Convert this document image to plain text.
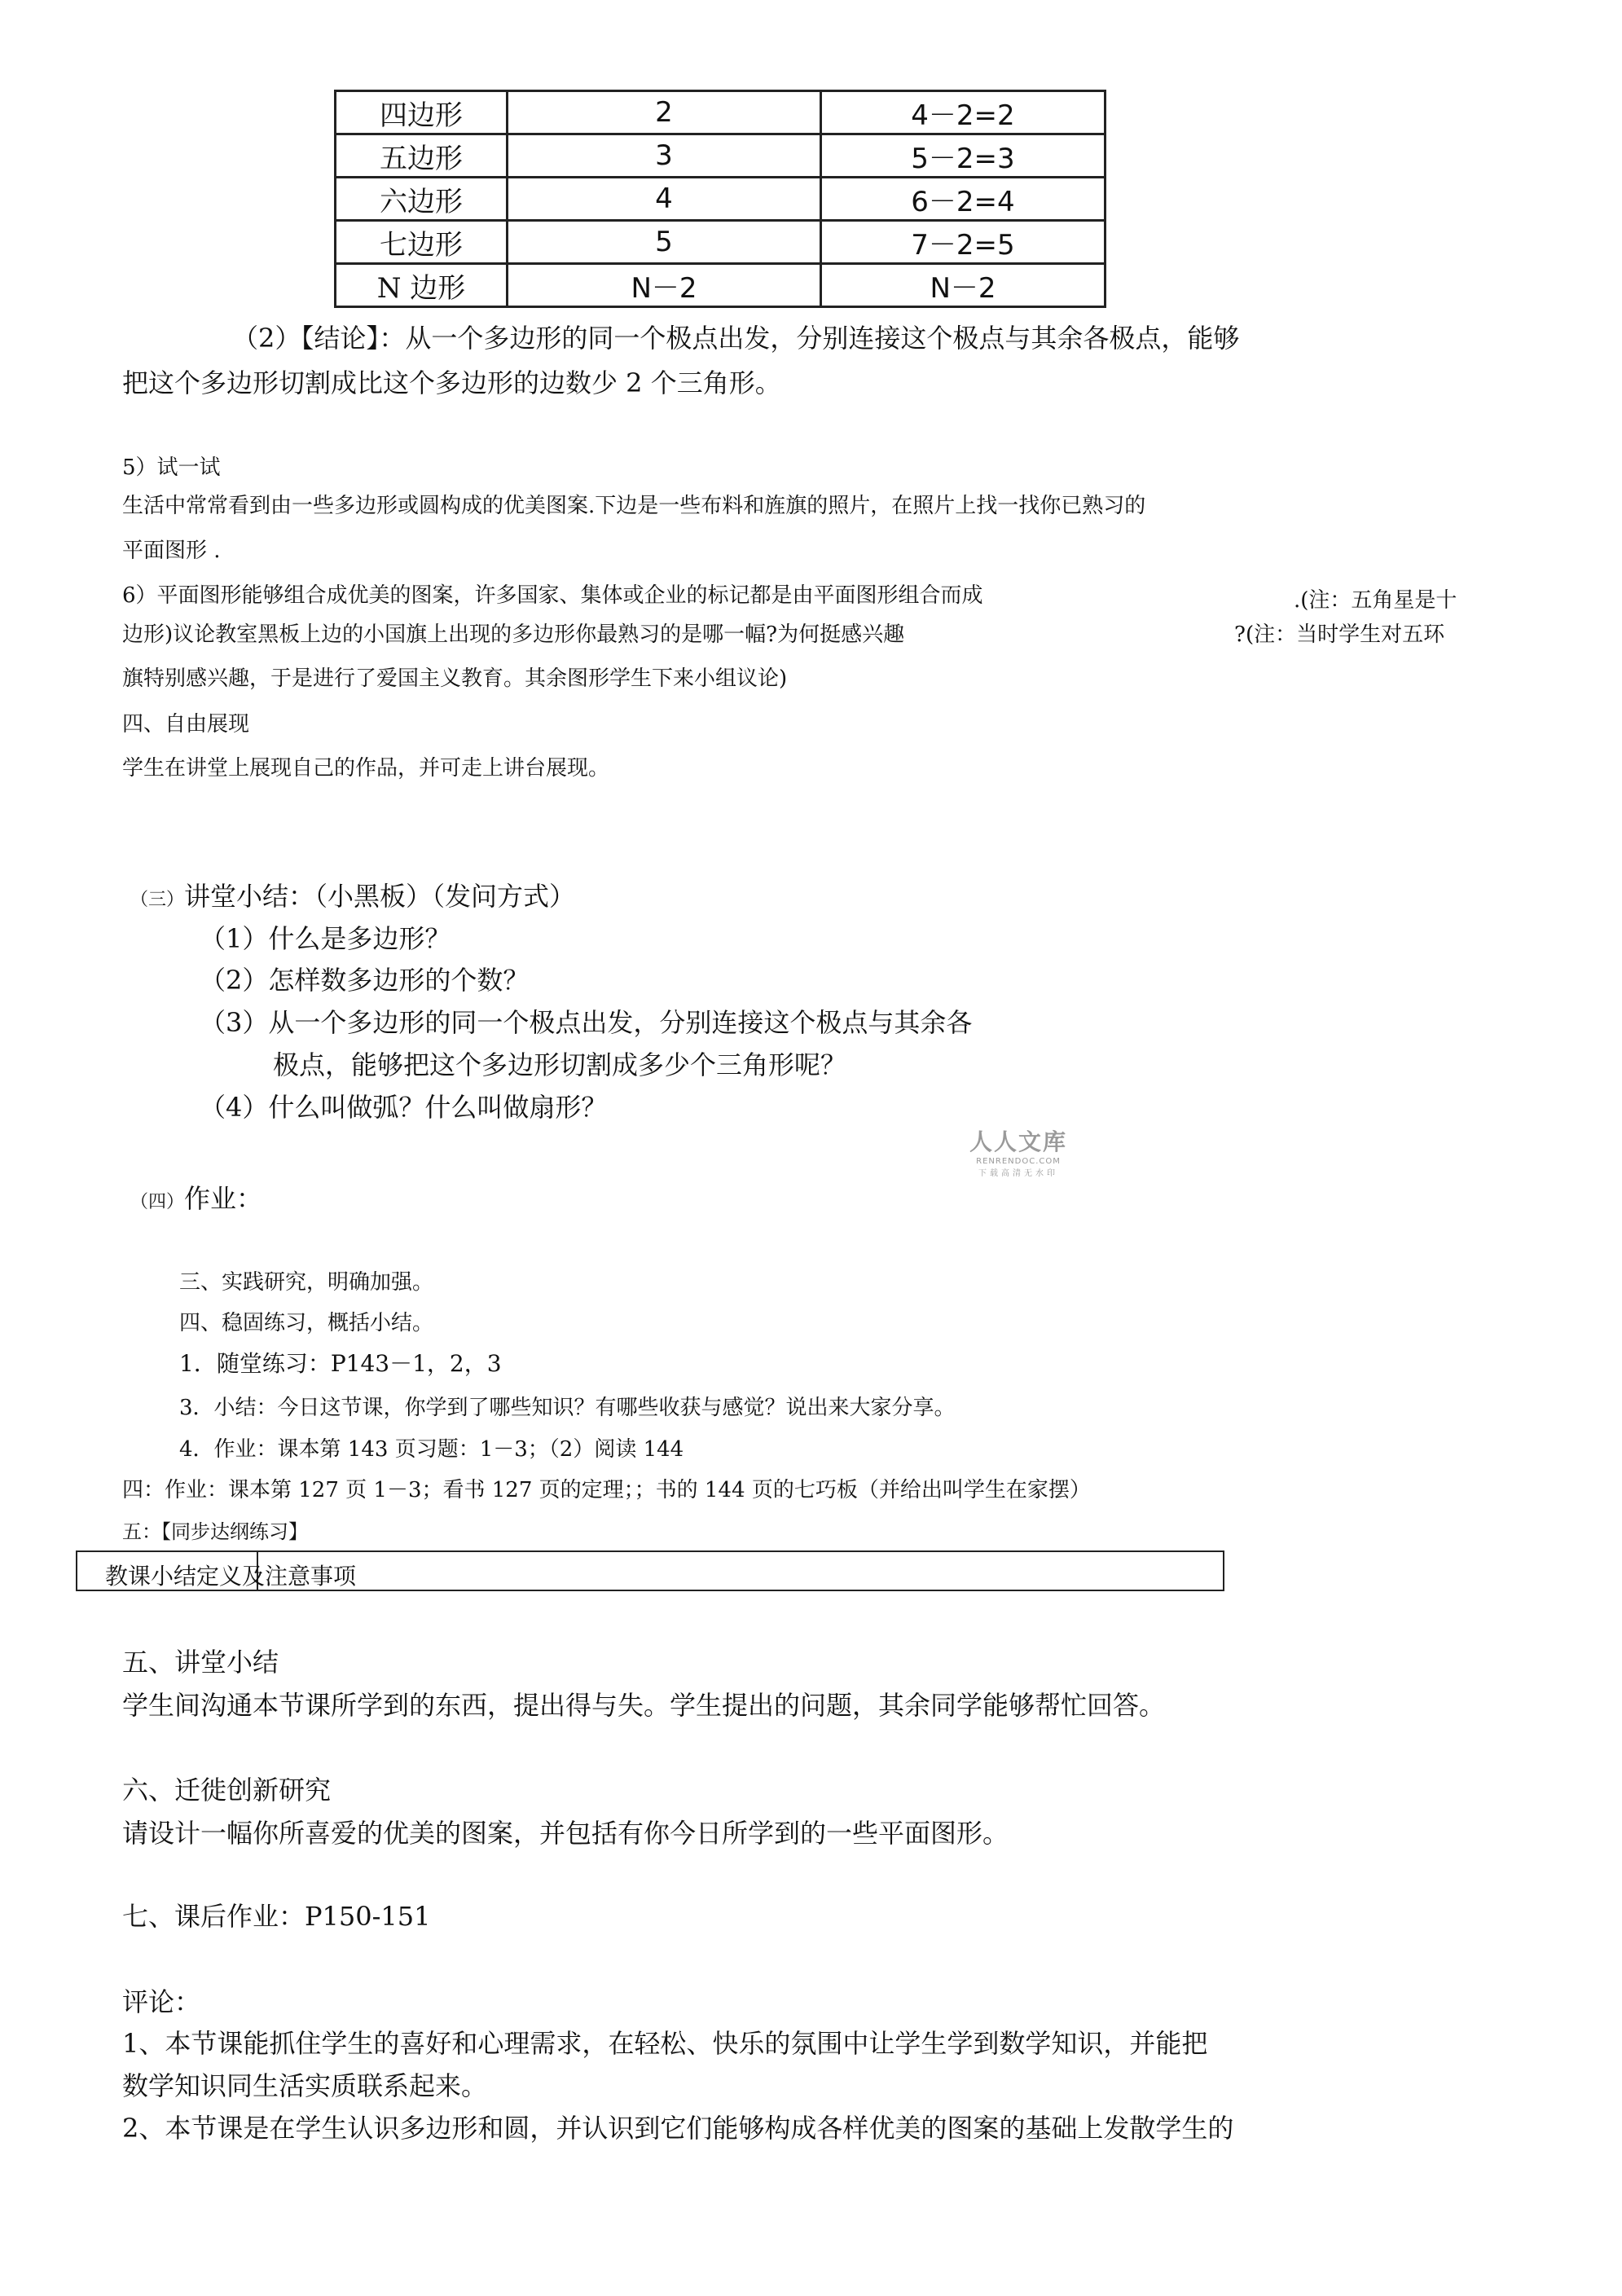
四边形	2	4－2=2
五边形	3	5－2=3
六边形	4	6－2=4
七边形	5	7－2=5
N 边形	N－2	N－2
（2）【结论】：从一个多边形的同一个极点出发，分别连接这个极点与其余各极点，能够
把这个多边形切割成比这个多边形的边数少 2 个三角形。
5）试一试
生活中常常看到由一些多边形或圆构成的优美图案.下边是一些布料和旌旗的照片，在照片上找一找你已熟习的
平面图形 .
6）平面图形能够组合成优美的图案，许多国家、集体或企业的标记都是由平面图形组合而成	.(注：五角星是十
边形)议论教室黑板上边的小国旗上出现的多边形你最熟习的是哪一幅?为何挺感兴趣	?(注：当时学生对五环
旗特别感兴趣，于是进行了爱国主义教育。其余图形学生下来小组议论)
四、自由展现
学生在讲堂上展现自己的作品，并可走上讲台展现。
（三）讲堂小结：（小黑板）（发问方式）
（1）什么是多边形？
（2）怎样数多边形的个数？
（3）从一个多边形的同一个极点出发，分别连接这个极点与其余各
极点，能够把这个多边形切割成多少个三角形呢？
（4）什么叫做弧？什么叫做扇形？
人人文库
RENRENDOC.COM
下载高清无水印
（四）作业：
三、实践研究，明确加强。
四、稳固练习，概括小结。
1．随堂练习：P143－1，2，3
3．小结：今日这节课，你学到了哪些知识？有哪些收获与感觉？说出来大家分享。
4．作业：课本第 143 页习题：1－3；（2）阅读 144
四：作业：课本第 127 页 1－3；看书 127 页的定理；；书的 144 页的七巧板（并给出叫学生在家摆）
五：【同步达纲练习】
教课小结定义及注意事项
五、讲堂小结
学生间沟通本节课所学到的东西，提出得与失。学生提出的问题，其余同学能够帮忙回答。
六、迁徙创新研究
请设计一幅你所喜爱的优美的图案，并包括有你今日所学到的一些平面图形。
七、课后作业：P150-151
评论：
1、本节课能抓住学生的喜好和心理需求，在轻松、快乐的氛围中让学生学到数学知识，并能把
数学知识同生活实质联系起来。
2、本节课是在学生认识多边形和圆，并认识到它们能够构成各样优美的图案的基础上发散学生的
